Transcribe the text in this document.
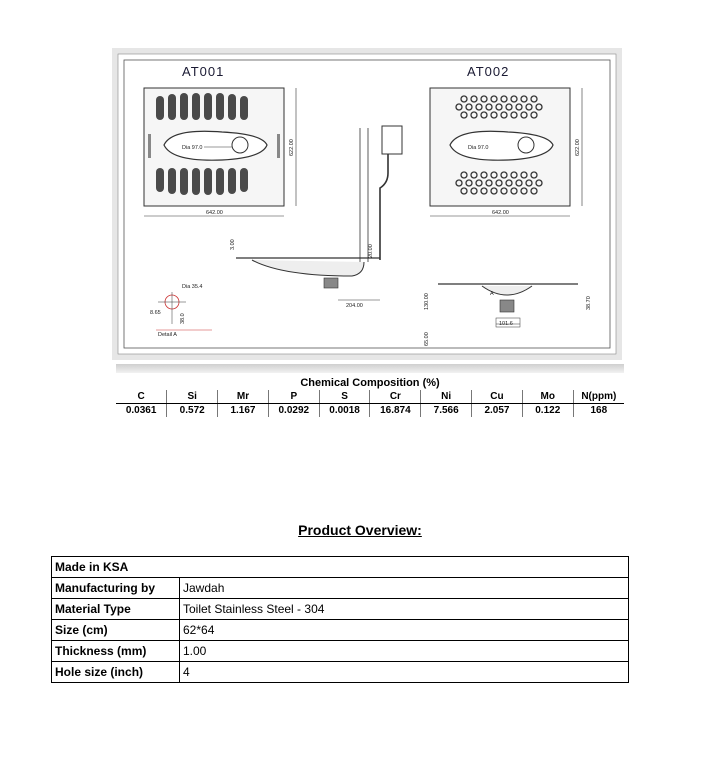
AT001
Dia 97.0
642.00
622.00
AT002
Dia 97.0
642.00
622.00
20.00
204.00
3.00
101.6
130.00
65.00
38.70
A
Dia 35.4
8.65
38.0
Detail A
Chemical Composition (%)
C	Si	Mr	P	S	Cr	Ni	Cu	Mo	N(ppm)
0.0361	0.572	1.167	0.0292	0.0018	16.874	7.566	2.057	0.122	168
Product Overview:
Made in KSA	
Manufacturing by	Jawdah
Material Type	Toilet Stainless Steel - 304
Size (cm)	62*64
Thickness (mm)	1.00
Hole size (inch)	4
